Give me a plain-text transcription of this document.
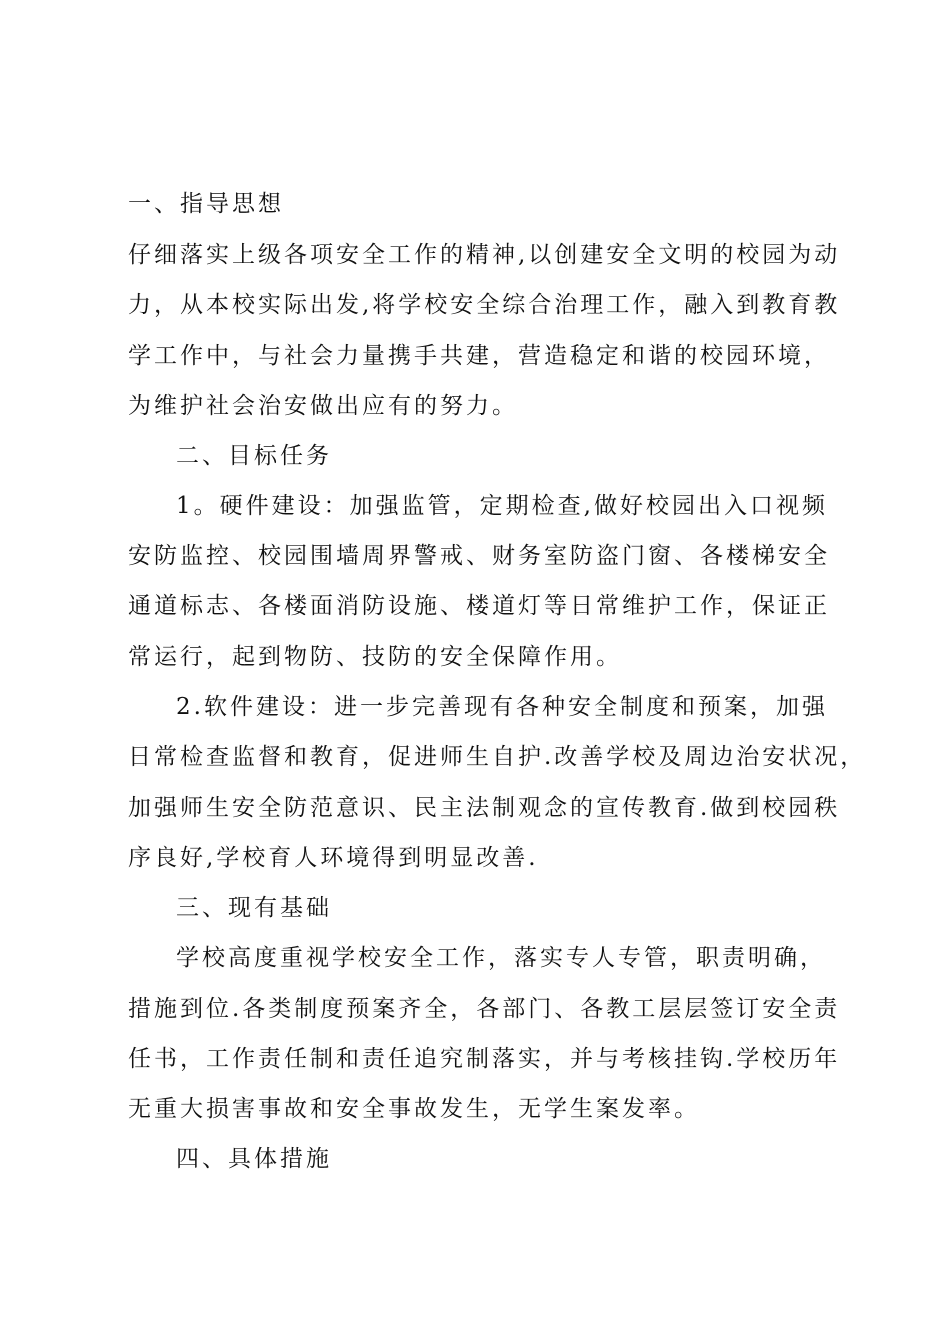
一、指导思想
仔细落实上级各项安全工作的精神,以创建安全文明的校园为动
力，从本校实际出发,将学校安全综合治理工作，融入到教育教
学工作中，与社会力量携手共建，营造稳定和谐的校园环境，
为维护社会治安做出应有的努力。
二、目标任务
1。硬件建设：加强监管，定期检查,做好校园出入口视频
安防监控、校园围墙周界警戒、财务室防盗门窗、各楼梯安全
通道标志、各楼面消防设施、楼道灯等日常维护工作，保证正
常运行，起到物防、技防的安全保障作用。
2.软件建设：进一步完善现有各种安全制度和预案，加强
日常检查监督和教育，促进师生自护.改善学校及周边治安状况，
加强师生安全防范意识、民主法制观念的宣传教育.做到校园秩
序良好,学校育人环境得到明显改善.
三、现有基础
学校高度重视学校安全工作，落实专人专管，职责明确，
措施到位.各类制度预案齐全，各部门、各教工层层签订安全责
任书，工作责任制和责任追究制落实，并与考核挂钩.学校历年
无重大损害事故和安全事故发生，无学生案发率。
四、具体措施
